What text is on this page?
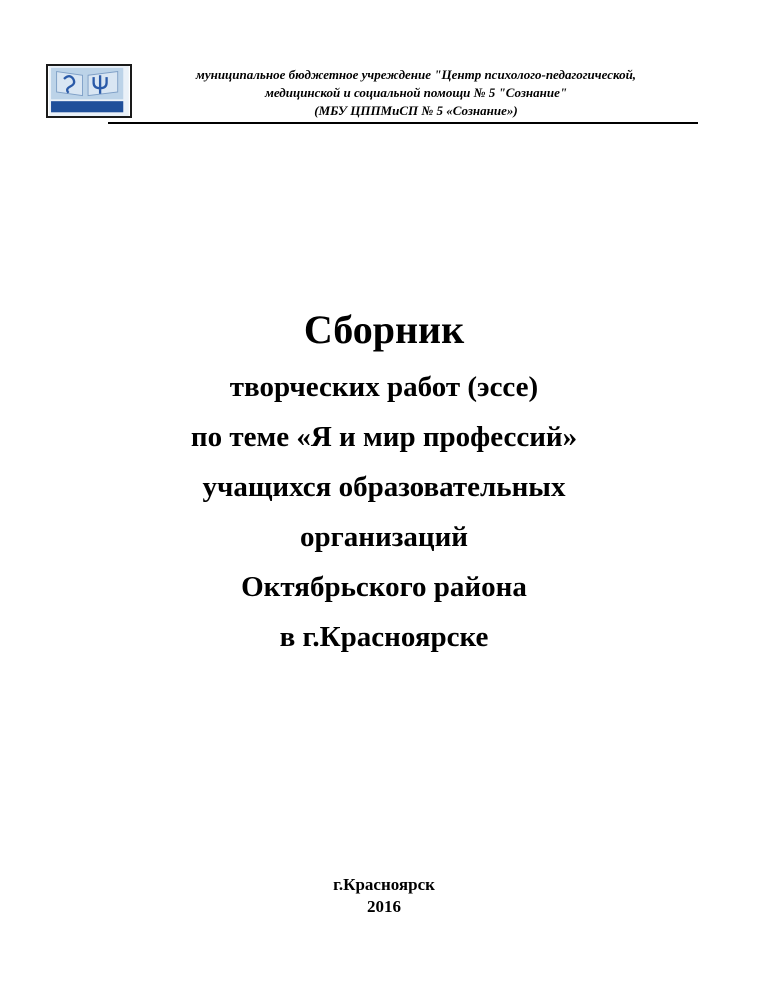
муниципальное бюджетное учреждение "Центр психолого-педагогической,
медицинской и социальной помощи № 5 "Сознание"
(МБУ ЦППМиСП № 5 «Сознание»)

Сборник

творческих работ (эссе)

по теме «Я и мир профессий»

учащихся образовательных

организаций

Октябрьского района

в г.Красноярске

г.Красноярск
2016
